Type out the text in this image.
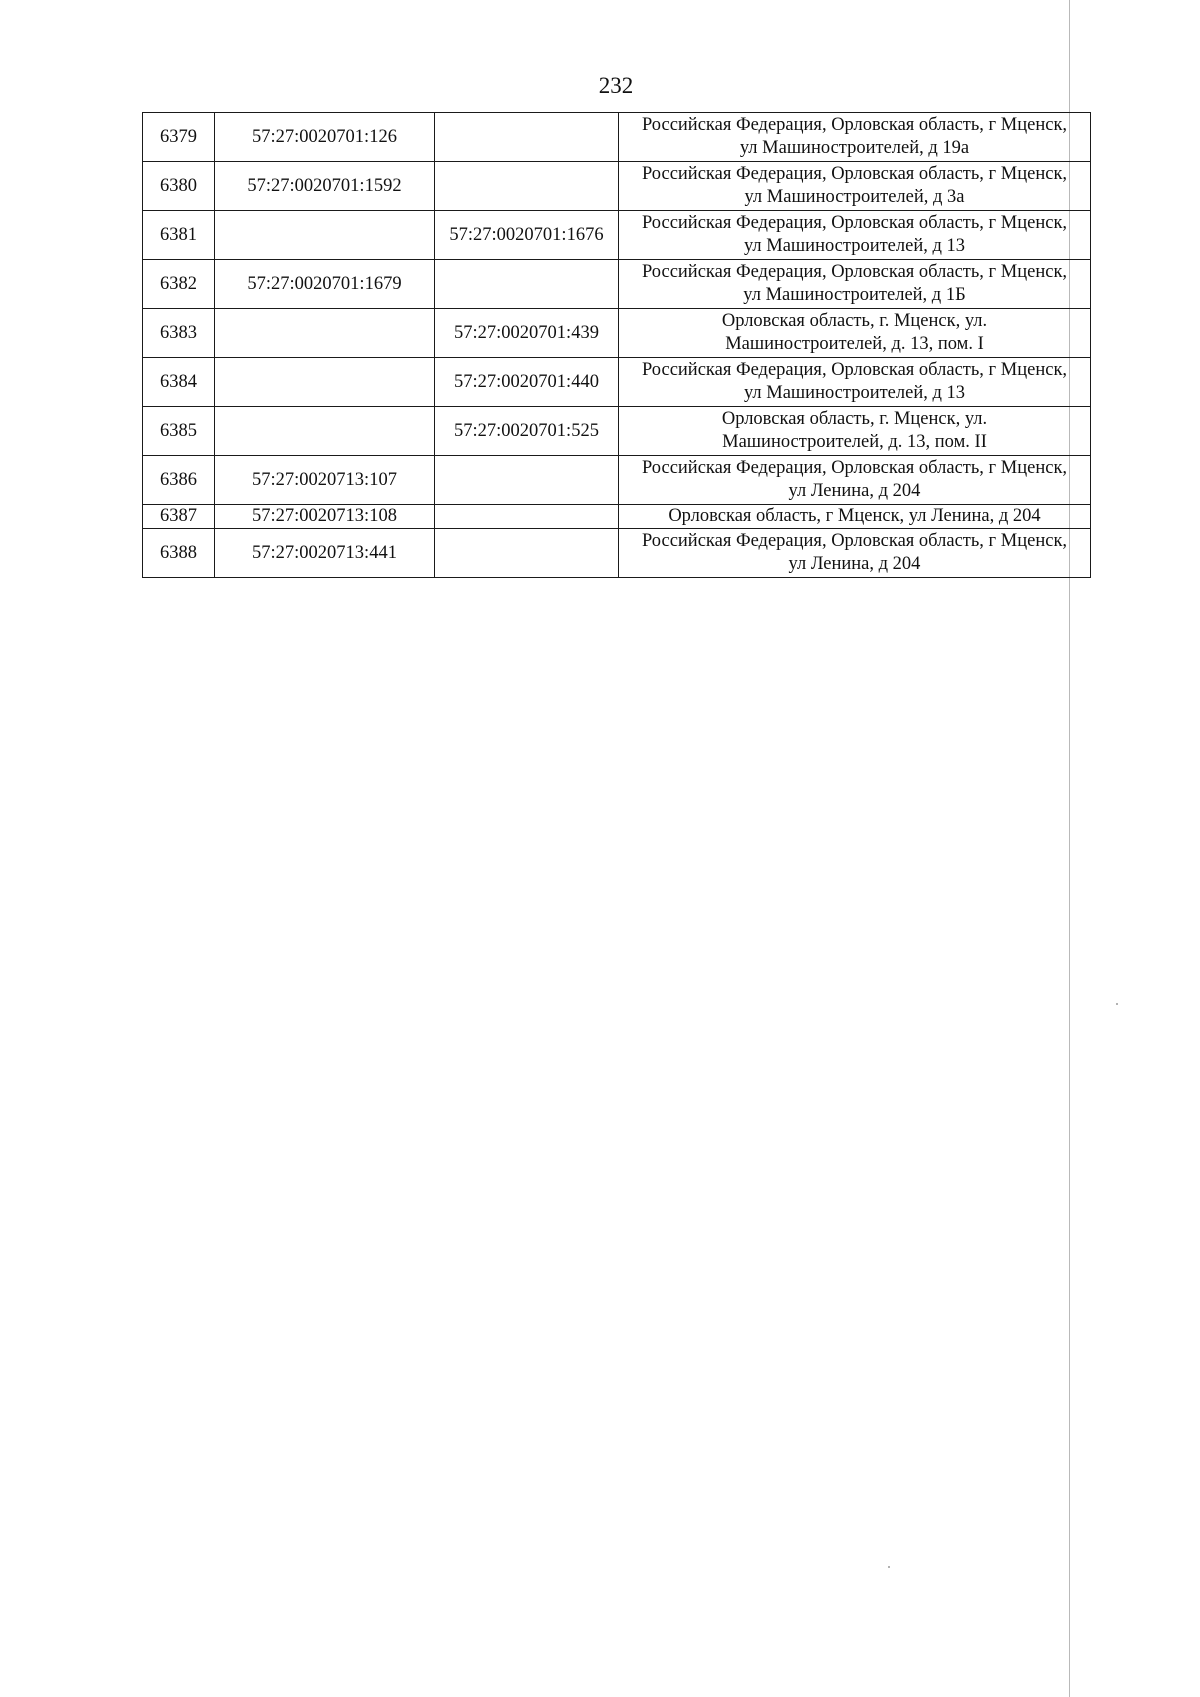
232
6379	57:27:0020701:126		Российская Федерация, Орловская область, г Мценск,
ул Машиностроителей, д 19а

6380	57:27:0020701:1592		Российская Федерация, Орловская область, г Мценск,
ул Машиностроителей, д 3а

6381		57:27:0020701:1676	Российская Федерация, Орловская область, г Мценск,
ул Машиностроителей, д 13

6382	57:27:0020701:1679		Российская Федерация, Орловская область, г Мценск,
ул Машиностроителей, д 1Б

6383		57:27:0020701:439	Орловская область, г. Мценск, ул.
Машиностроителей, д. 13, пом. I

6384		57:27:0020701:440	Российская Федерация, Орловская область, г Мценск,
ул Машиностроителей, д 13

6385		57:27:0020701:525	Орловская область, г. Мценск, ул.
Машиностроителей, д. 13, пом. II

6386	57:27:0020713:107		Российская Федерация, Орловская область, г Мценск,
ул Ленина, д 204

6387	57:27:0020713:108		Орловская область, г Мценск, ул Ленина, д 204

6388	57:27:0020713:441		Российская Федерация, Орловская область, г Мценск,
ул Ленина, д 204
